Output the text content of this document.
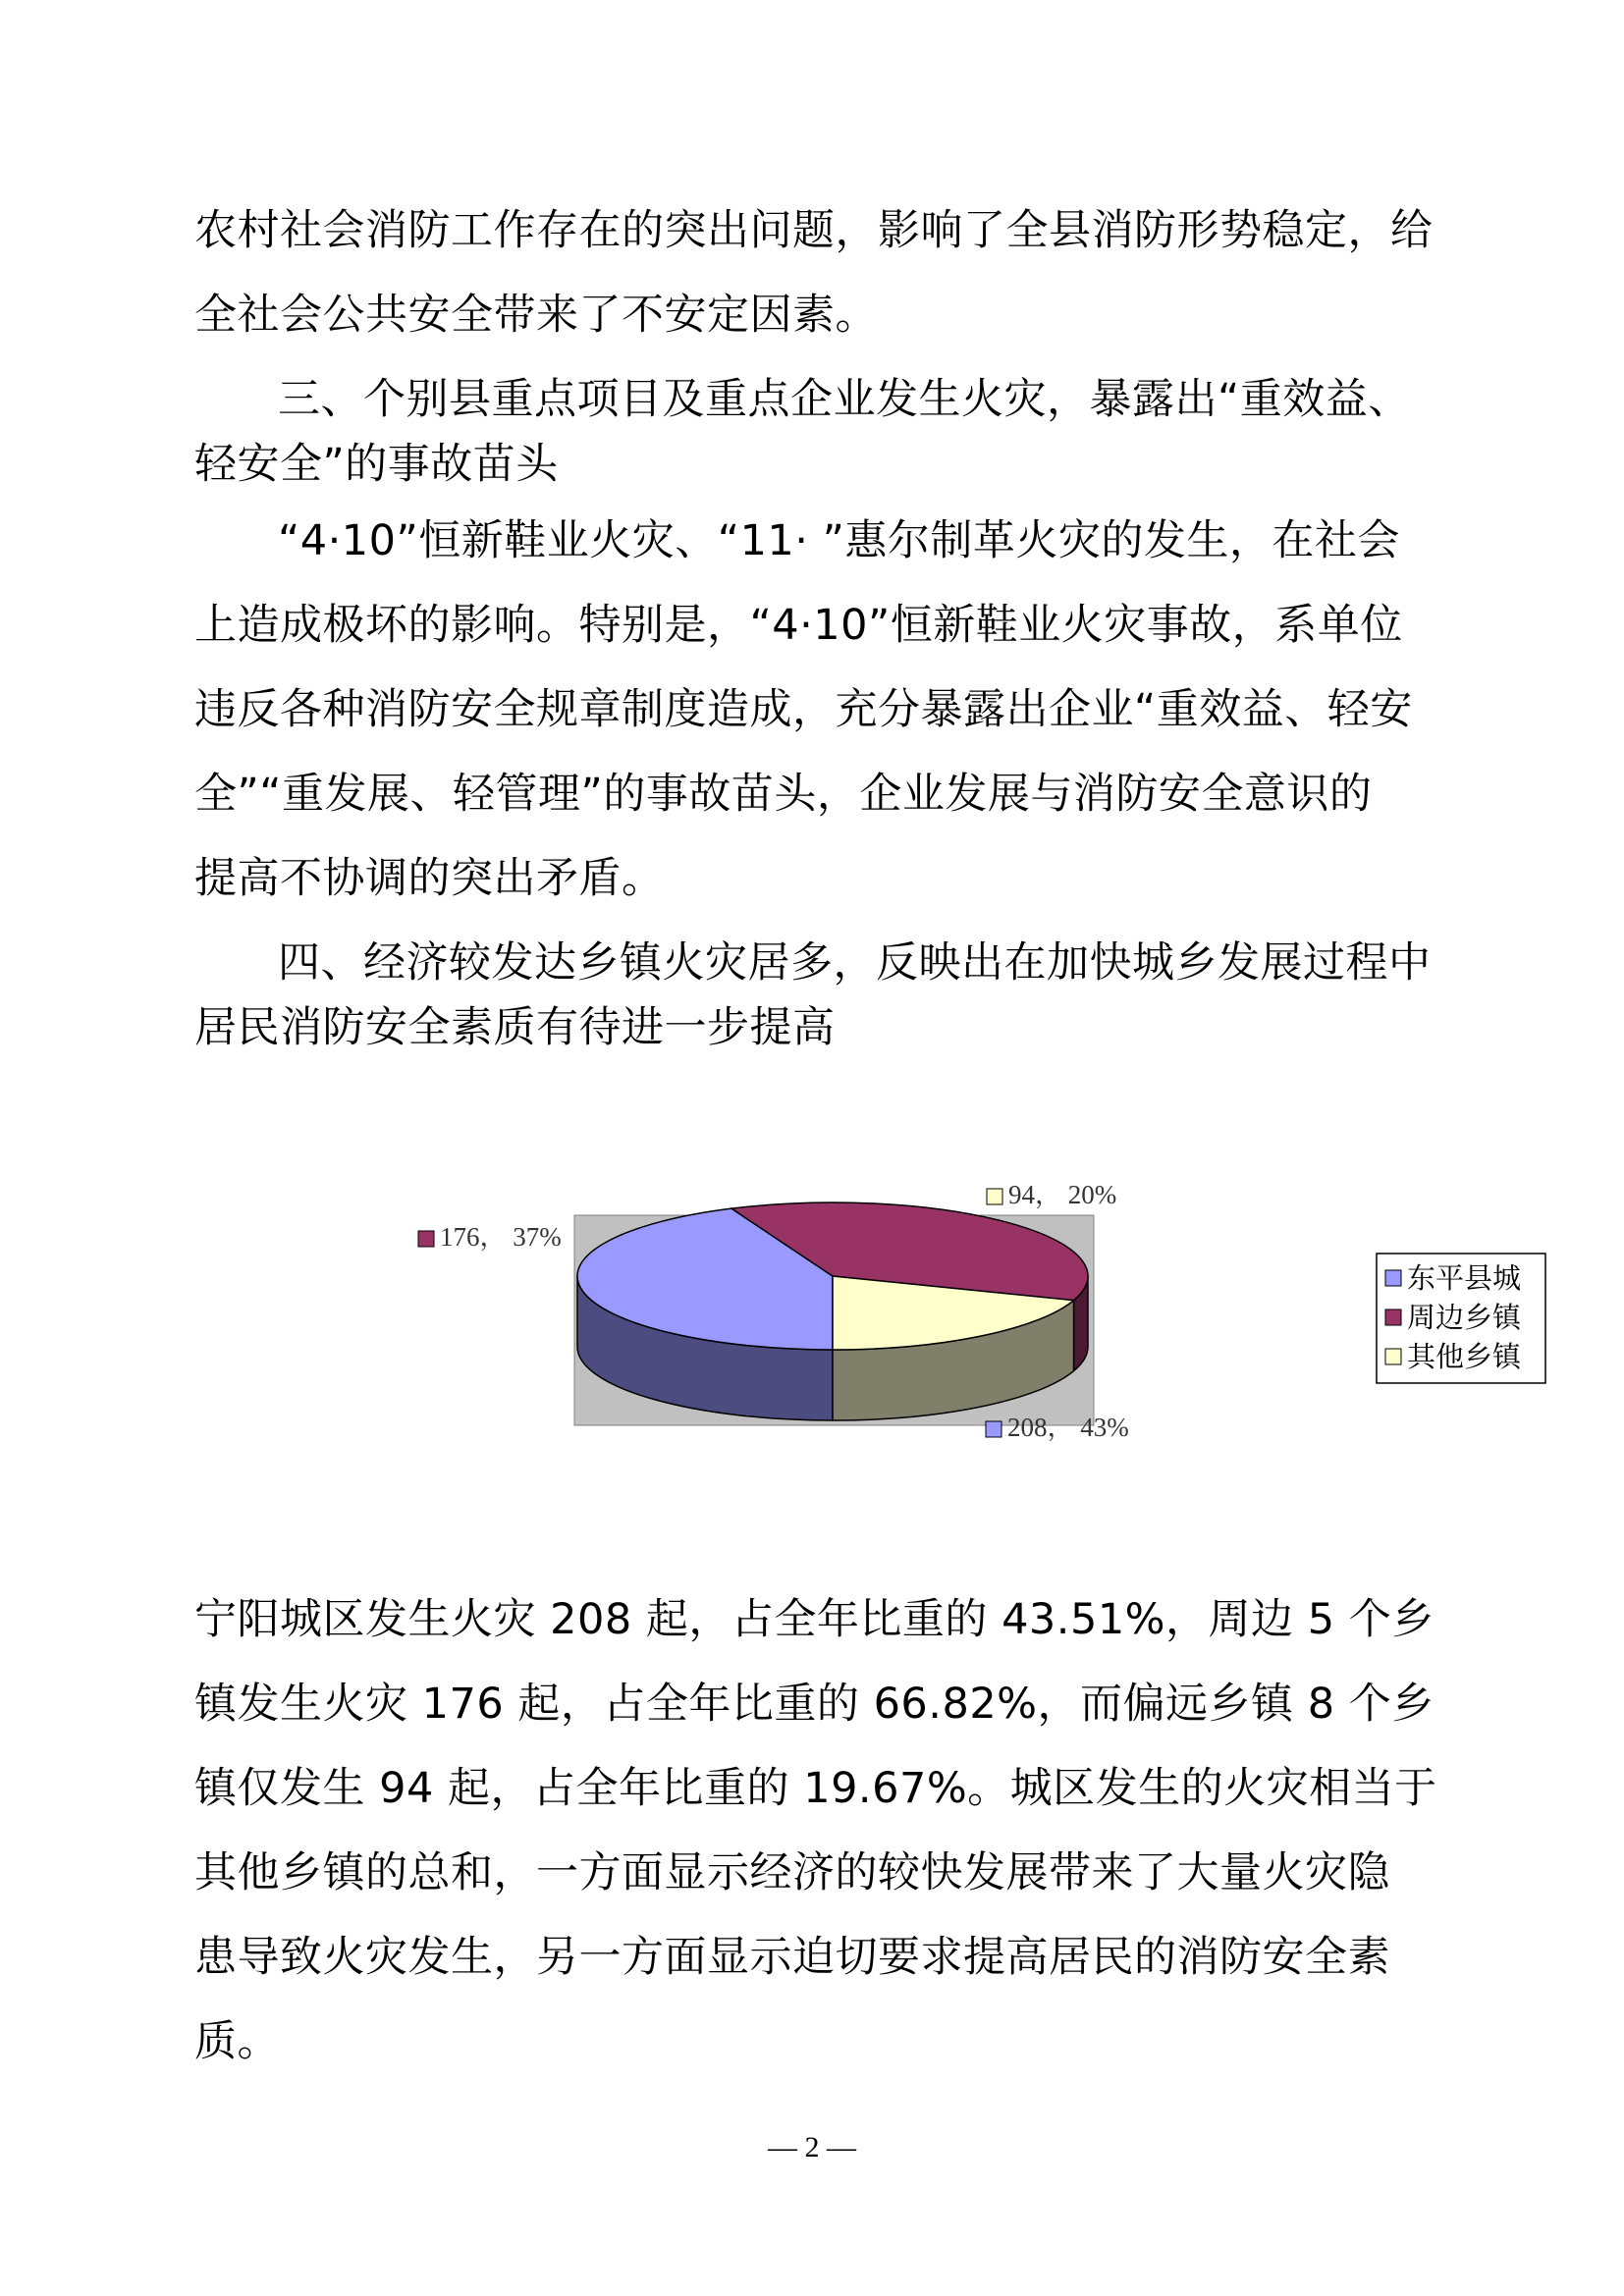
农村社会消防工作存在的突出问题，影响了全县消防形势稳定，给
全社会公共安全带来了不安定因素。
三、个别县重点项目及重点企业发生火灾，暴露出“重效益、
轻安全”的事故苗头
“4·10”恒新鞋业火灾、“11· ”惠尔制革火灾的发生，在社会
上造成极坏的影响。特别是，“4·10”恒新鞋业火灾事故，系单位
违反各种消防安全规章制度造成，充分暴露出企业“重效益、轻安
全”“重发展、轻管理”的事故苗头，企业发展与消防安全意识的
提高不协调的突出矛盾。
四、经济较发达乡镇火灾居多，反映出在加快城乡发展过程中
居民消防安全素质有待进一步提高
208， 43%
176， 37%
94， 20%
东平县城
周边乡镇
其他乡镇
宁阳城区发生火灾 208 起，占全年比重的 43.51%，周边 5 个乡
镇发生火灾 176 起，占全年比重的 66.82%，而偏远乡镇 8 个乡
镇仅发生 94 起，占全年比重的 19.67%。城区发生的火灾相当于
其他乡镇的总和，一方面显示经济的较快发展带来了大量火灾隐
患导致火灾发生，另一方面显示迫切要求提高居民的消防安全素
质。
— 2 —
